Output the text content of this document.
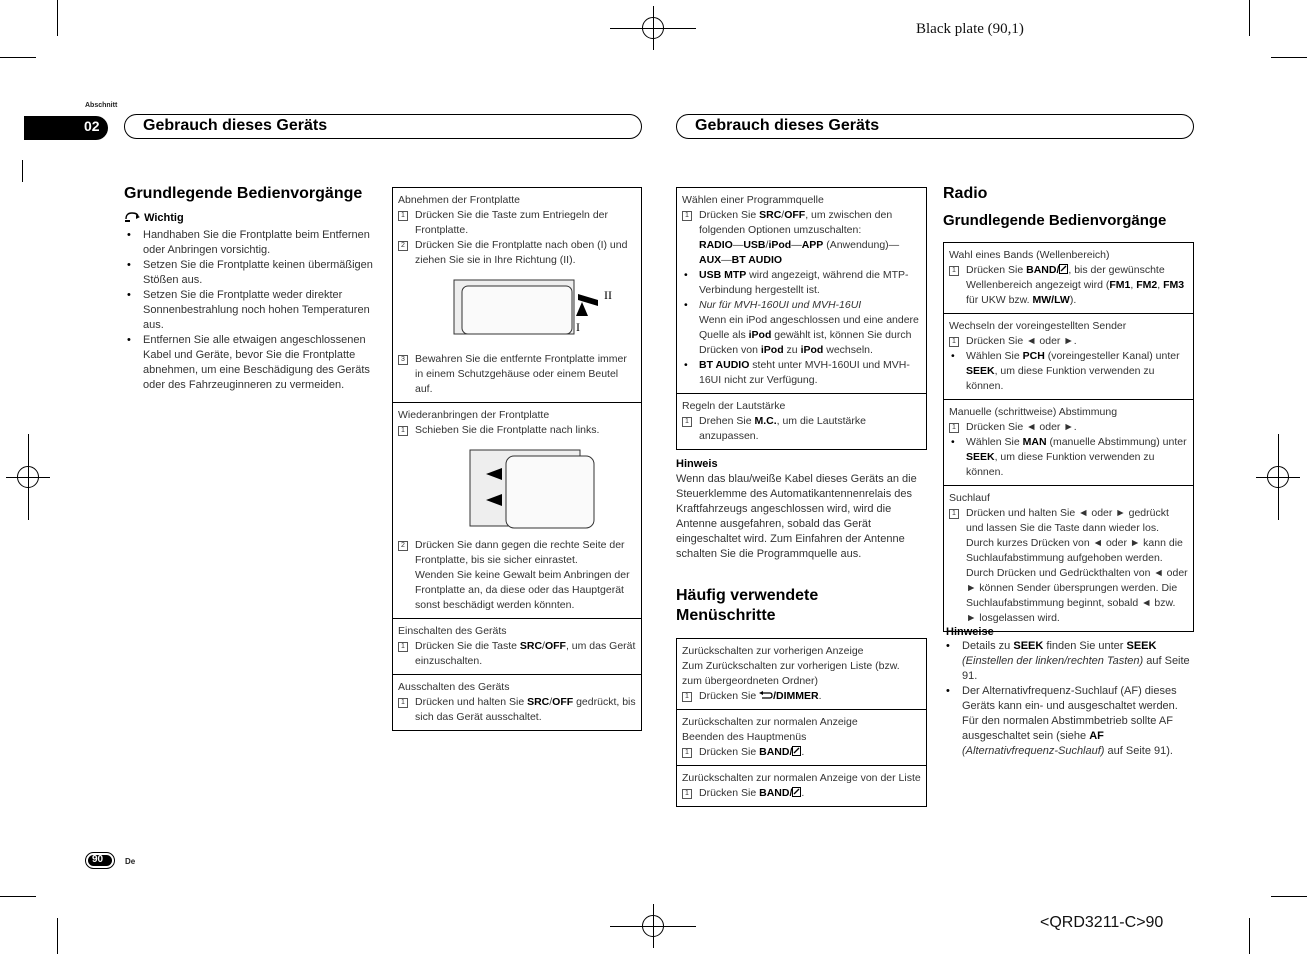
Black plate (90,1)
<QRD3211-C>90
Abschnitt
02	Gebrauch dieses Geräts	Gebrauch dieses Geräts
Grundlegende Bedienvorgänge
Wichtig
• Handhaben Sie die Frontplatte beim Entfernen oder Anbringen vorsichtig.
• Setzen Sie die Frontplatte keinen übermäßigen Stößen aus.
• Setzen Sie die Frontplatte weder direkter Sonnenbestrahlung noch hohen Temperaturen aus.
• Entfernen Sie alle etwaigen angeschlossenen Kabel und Geräte, bevor Sie die Frontplatte abnehmen, um eine Beschädigung des Geräts oder des Fahrzeuginneren zu vermeiden.
Abnehmen der Frontplatte
1 Drücken Sie die Taste zum Entriegeln der Frontplatte.
2 Drücken Sie die Frontplatte nach oben (I) und ziehen Sie sie in Ihre Richtung (II).
II
I
3 Bewahren Sie die entfernte Frontplatte immer in einem Schutzgehäuse oder einem Beutel auf.
Wiederanbringen der Frontplatte
1 Schieben Sie die Frontplatte nach links.
2 Drücken Sie dann gegen die rechte Seite der Frontplatte, bis sie sicher einrastet.
Wenden Sie keine Gewalt beim Anbringen der Frontplatte an, da diese oder das Hauptgerät sonst beschädigt werden könnten.
Einschalten des Geräts
1 Drücken Sie die Taste SRC/OFF, um das Gerät einzuschalten.
Ausschalten des Geräts
1 Drücken und halten Sie SRC/OFF gedrückt, bis sich das Gerät ausschaltet.
Wählen einer Programmquelle
1 Drücken Sie SRC/OFF, um zwischen den folgenden Optionen umzuschalten:
RADIO—USB/iPod—APP (Anwendung)—
AUX—BT AUDIO
• USB MTP wird angezeigt, während die MTP-Verbindung hergestellt ist.
• Nur für MVH-160UI und MVH-16UI
Wenn ein iPod angeschlossen und eine andere Quelle als iPod gewählt ist, können Sie durch Drücken von iPod zu iPod wechseln.
• BT AUDIO steht unter MVH-160UI und MVH-16UI nicht zur Verfügung.
Regeln der Lautstärke
1 Drehen Sie M.C., um die Lautstärke anzupassen.
Hinweis
Wenn das blau/weiße Kabel dieses Geräts an die Steuerklemme des Automatikantennenrelais des Kraftfahrzeugs angeschlossen wird, wird die Antenne ausgefahren, sobald das Gerät eingeschaltet wird. Zum Einfahren der Antenne schalten Sie die Programmquelle aus.
Häufig verwendete Menüschritte
Zurückschalten zur vorherigen Anzeige
Zum Zurückschalten zur vorherigen Liste (bzw. zum übergeordneten Ordner)
1 Drücken Sie /DIMMER.
Zurückschalten zur normalen Anzeige
Beenden des Hauptmenüs
1 Drücken Sie BAND/ .
Zurückschalten zur normalen Anzeige von der Liste
1 Drücken Sie BAND/ .
Radio
Grundlegende Bedienvorgänge
Wahl eines Bands (Wellenbereich)
1 Drücken Sie BAND/ , bis der gewünschte Wellenbereich angezeigt wird (FM1, FM2, FM3 für UKW bzw. MW/LW).
Wechseln der voreingestellten Sender
1 Drücken Sie ◄ oder ►.
• Wählen Sie PCH (voreingesteller Kanal) unter SEEK, um diese Funktion verwenden zu können.
Manuelle (schrittweise) Abstimmung
1 Drücken Sie ◄ oder ►.
• Wählen Sie MAN (manuelle Abstimmung) unter SEEK, um diese Funktion verwenden zu können.
Suchlauf
1 Drücken und halten Sie ◄ oder ► gedrückt und lassen Sie die Taste dann wieder los.
Durch kurzes Drücken von ◄ oder ► kann die Suchlaufabstimmung aufgehoben werden.
Durch Drücken und Gedrückthalten von ◄ oder ► können Sender übersprungen werden. Die Suchlaufabstimmung beginnt, sobald ◄ bzw. ► losgelassen wird.
Hinweise
• Details zu SEEK finden Sie unter SEEK (Einstellen der linken/rechten Tasten) auf Seite 91.
• Der Alternativfrequenz-Suchlauf (AF) dieses Geräts kann ein- und ausgeschaltet werden. Für den normalen Abstimmbetrieb sollte AF ausgeschaltet sein (siehe AF (Alternativfrequenz-Suchlauf) auf Seite 91).
90	De
